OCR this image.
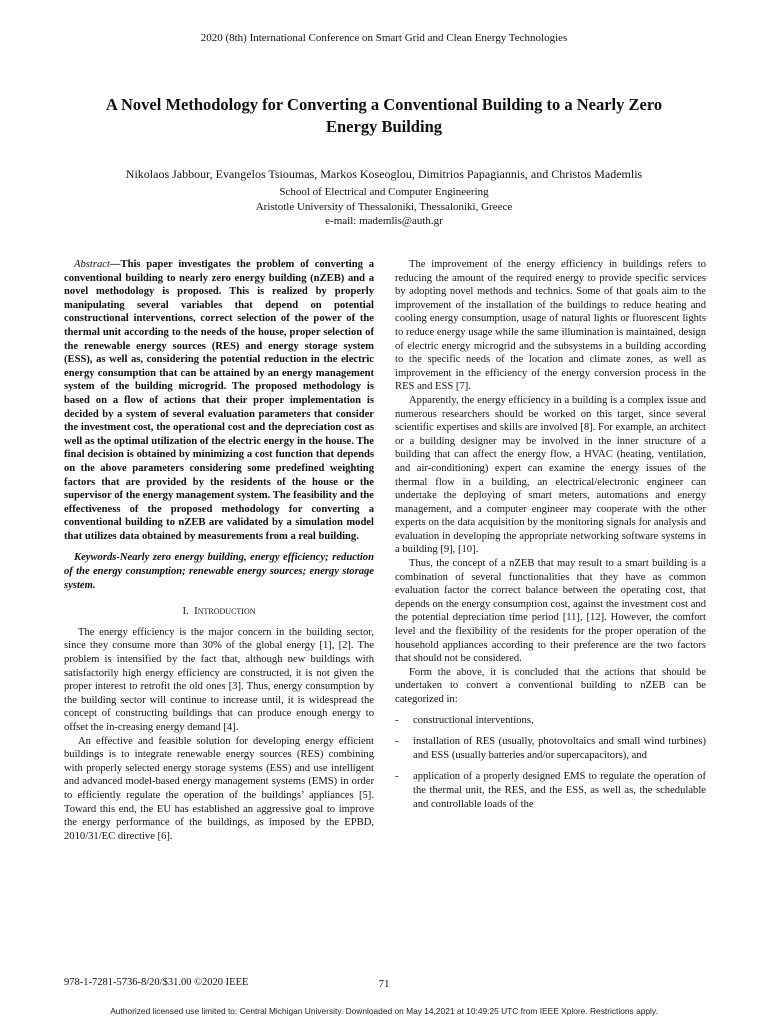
2020 (8th) International Conference on Smart Grid and Clean Energy Technologies
A Novel Methodology for Converting a Conventional Building to a Nearly Zero Energy Building
Nikolaos Jabbour, Evangelos Tsioumas, Markos Koseoglou, Dimitrios Papagiannis, and Christos Mademlis
School of Electrical and Computer Engineering
Aristotle University of Thessaloniki, Thessaloniki, Greece
e-mail: mademlis@auth.gr

Abstract—This paper investigates the problem of converting a conventional building to nearly zero energy building (nZEB) and a novel methodology is proposed. This is realized by properly manipulating several variables that depend on potential constructional interventions, correct selection of the power of the thermal unit according to the needs of the house, proper selection of the renewable energy sources (RES) and energy storage system (ESS), as well as, considering the potential reduction in the electric energy consumption that can be attained by an energy management system of the building microgrid. The proposed methodology is based on a flow of actions that their proper implementation is decided by a system of several evaluation parameters that consider the investment cost, the operational cost and the depreciation cost as well as the optimal utilization of the electric energy in the house. The final decision is obtained by minimizing a cost function that depends on the above parameters considering some predefined weighting factors that are provided by the residents of the house or the supervisor of the energy management system. The feasibility and the effectiveness of the proposed methodology for converting a conventional building to nZEB are validated by a simulation model that utilizes data obtained by measurements from a real building.

Keywords-Nearly zero energy building, energy efficiency; reduction of the energy consumption; renewable energy sources; energy storage system.

I. Introduction

The energy efficiency is the major concern in the building sector, since they consume more than 30% of the global energy [1], [2]. The problem is intensified by the fact that, although new buildings with satisfactorily high energy efficiency are constructed, it is not given the proper interest to retrofit the old ones [3]. Thus, energy consumption by the building sector will continue to increase until, it is widespread the concept of constructing buildings that can produce enough energy to offset the in-creasing energy demand [4].

An effective and feasible solution for developing energy efficient buildings is to integrate renewable energy sources (RES) combining with properly selected energy storage systems (ESS) and use intelligent and advanced model-based energy management systems (EMS) in order to efficiently regulate the operation of the buildings’ appliances [5]. Toward this end, the EU has established an aggressive goal to improve the energy performance of the buildings, as imposed by the EPBD, 2010/31/EC directive [6].

The improvement of the energy efficiency in buildings refers to reducing the amount of the required energy to provide specific services by adopting novel methods and technics. Some of that goals aim to the improvement of the installation of the buildings to reduce heating and cooling energy consumption, usage of natural lights or fluorescent lights to reduce energy usage while the same illumination is maintained, design of electric energy microgrid and the subsystems in a building according to the specific needs of the location and climate zones, as well as improvement in the efficiency of the energy conversion process in the RES and ESS [7].

Apparently, the energy efficiency in a building is a complex issue and numerous researchers should be worked on this target, since several scientific expertises and skills are involved [8]. For example, an architect or a building designer may be involved in the inner structure of a building that can affect the energy flow, a HVAC (heating, ventilation, and air-conditioning) expert can examine the energy issues of the thermal flow in a building, an electrical/electronic engineer can undertake the deploying of smart meters, automations and energy management, and a computer engineer may cooperate with the other experts on the data acquisition by the monitoring signals for analysis and evaluation in developing the appropriate networking software systems in a building [9], [10].

Thus, the concept of a nZEB that may result to a smart building is a combination of several functionalities that they have as common evaluation factor the correct balance between the operating cost, that depends on the energy consumption cost, against the investment cost and the potential depreciation time period [11], [12]. However, the comfort level and the flexibility of the residents for the proper operation of the household appliances according to their preference are the two factors that should not be considered.

Form the above, it is concluded that the actions that should be undertaken to convert a conventional building to nZEB can be categorized in:

-	constructional interventions,
-	installation of RES (usually, photovoltaics and small wind turbines) and ESS (usually batteries and/or supercapacitors), and
-	application of a properly designed EMS to regulate the operation of the thermal unit, the RES, and the ESS, as well as, the schedulable and controllable loads of the
978-1-7281-5736-8/20/$31.00 ©2020 IEEE	71
Authorized licensed use limited to: Central Michigan University. Downloaded on May 14,2021 at 10:49:25 UTC from IEEE Xplore. Restrictions apply.
